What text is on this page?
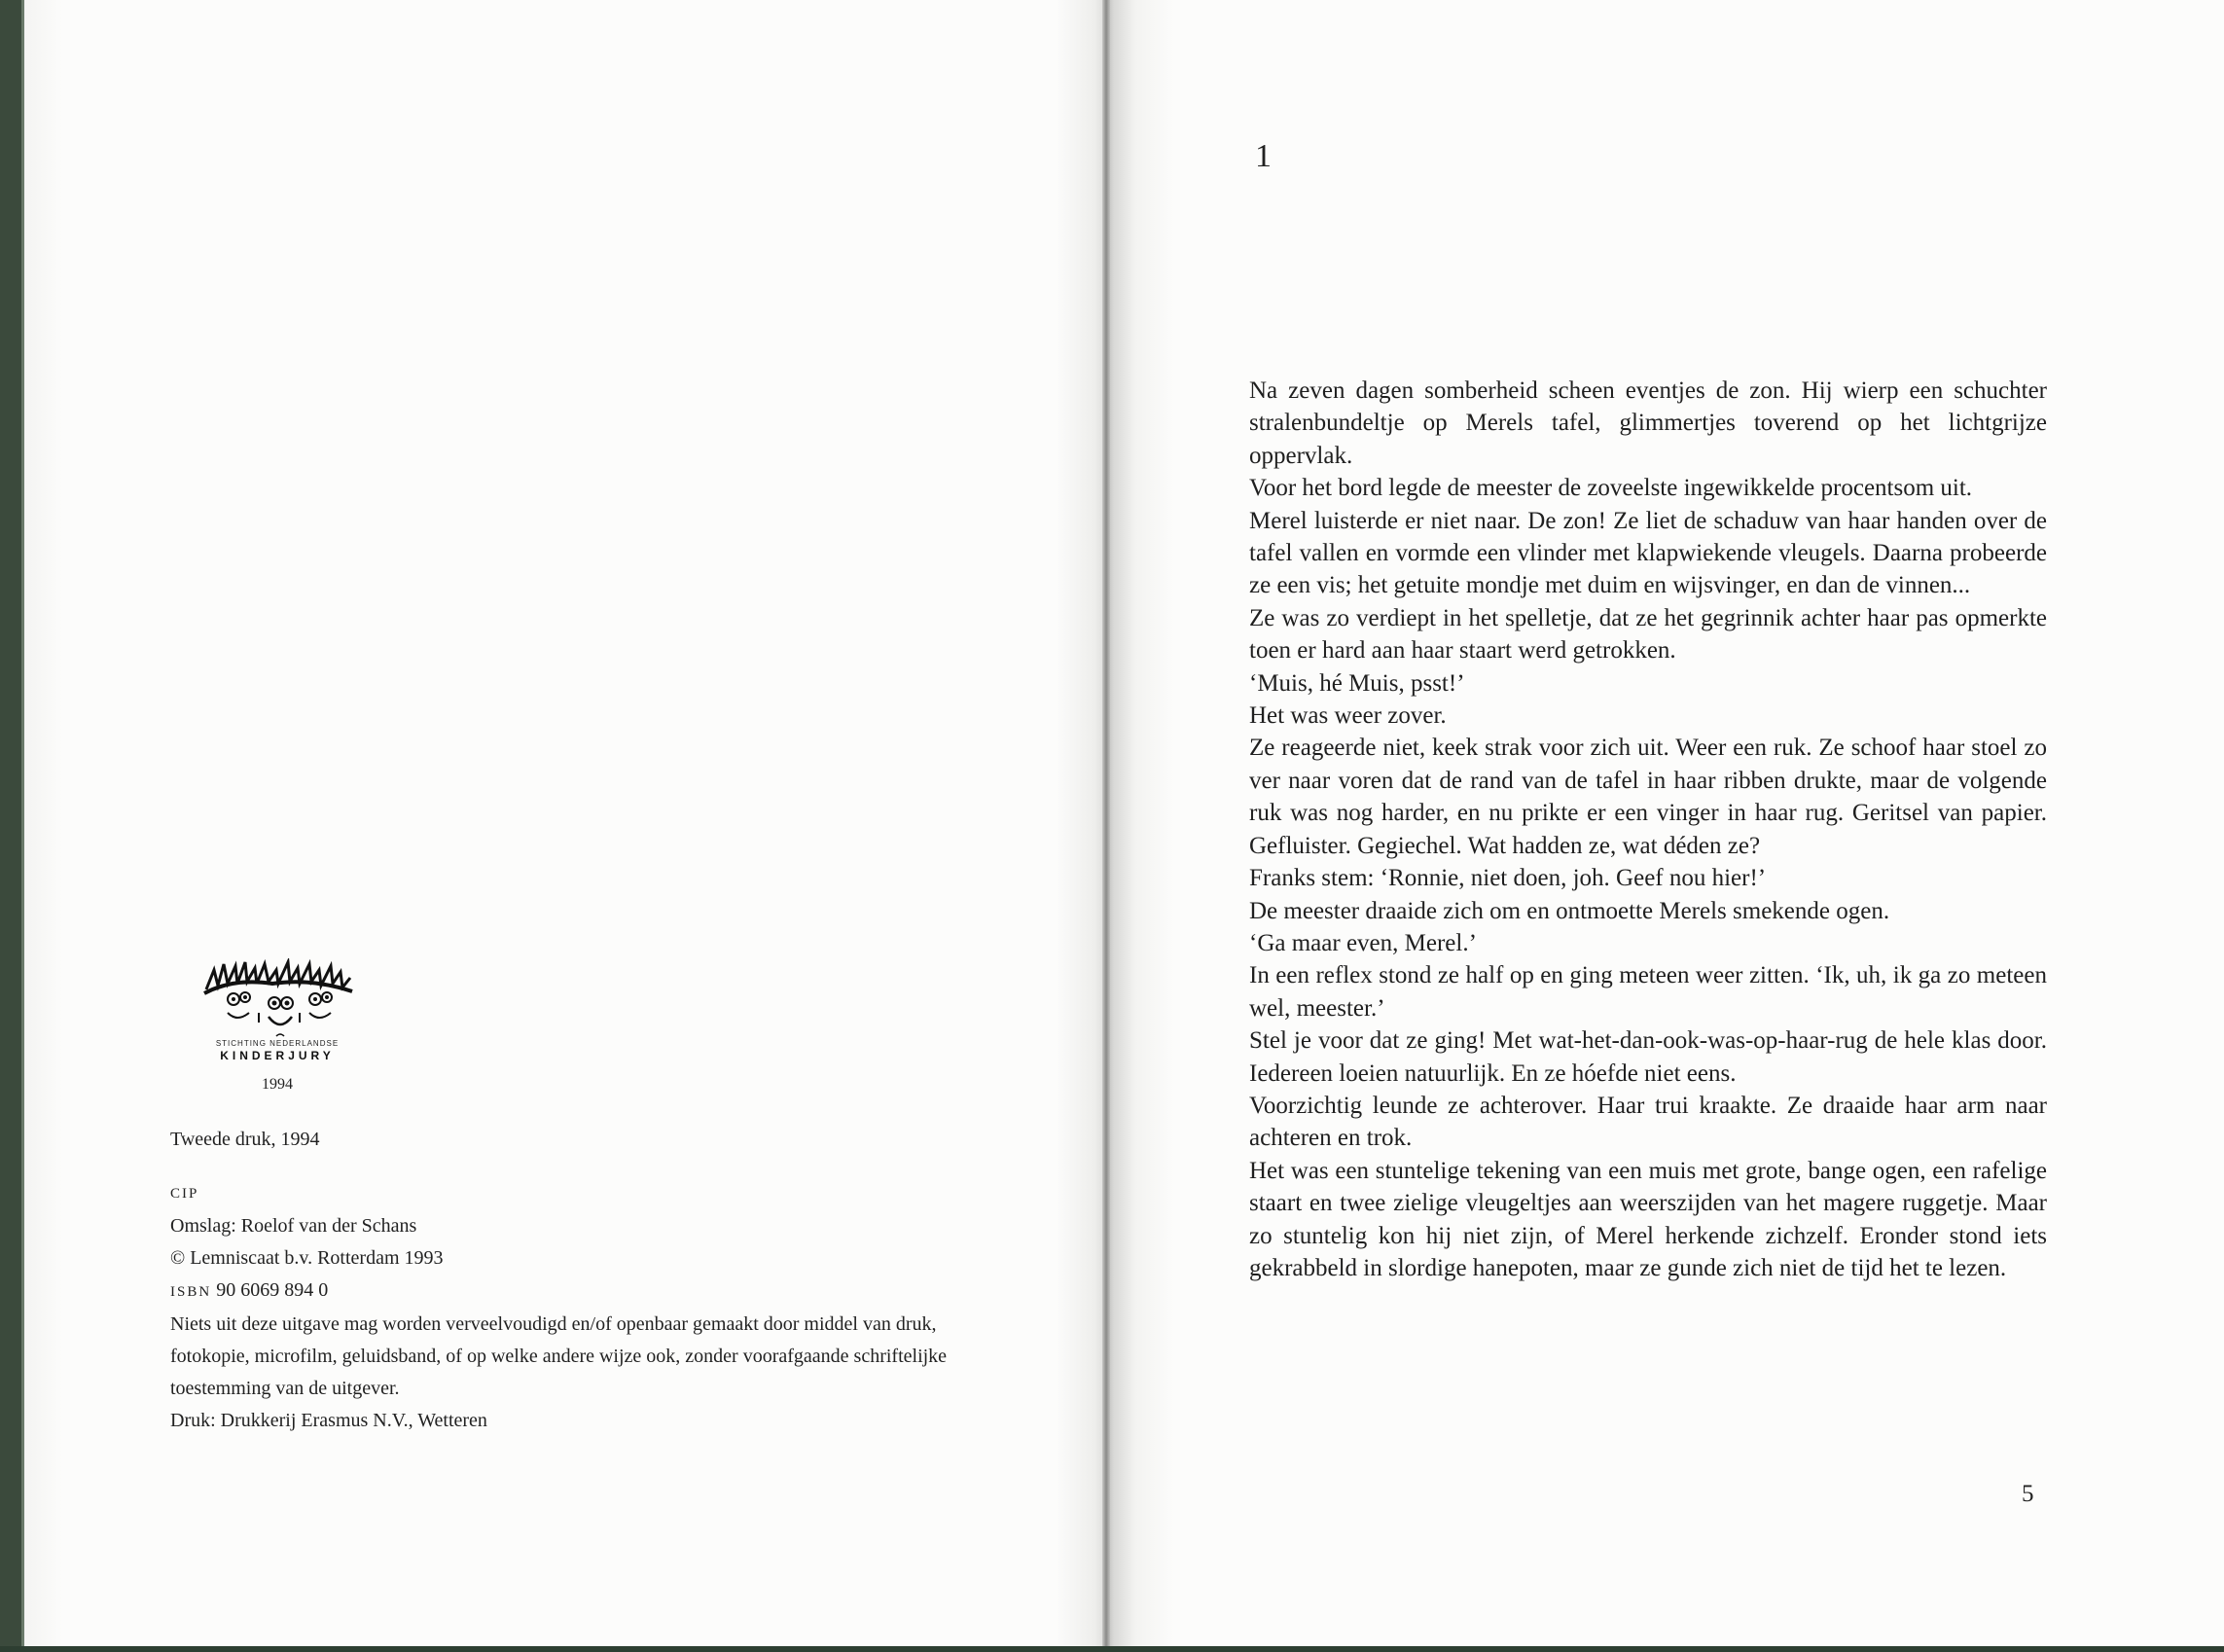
STICHTING NEDERLANDSE
KINDERJURY
1994
Tweede druk, 1994
CIP
Omslag: Roelof van der Schans
© Lemniscaat b.v. Rotterdam 1993
ISBN 90 6069 894 0
Niets uit deze uitgave mag worden verveelvoudigd en/of openbaar gemaakt door middel van druk, fotokopie, microfilm, geluidsband, of op welke andere wijze ook, zonder voorafgaande schriftelijke toestemming van de uitgever.
Druk: Drukkerij Erasmus N.V., Wetteren
1

Na zeven dagen somberheid scheen eventjes de zon. Hij wierp een schuchter stralenbundeltje op Merels tafel, glimmertjes toverend op het lichtgrijze oppervlak.

Voor het bord legde de meester de zoveelste ingewikkelde procentsom uit.

Merel luisterde er niet naar. De zon! Ze liet de schaduw van haar handen over de tafel vallen en vormde een vlinder met klapwiekende vleugels. Daarna probeerde ze een vis; het getuite mondje met duim en wijsvinger, en dan de vinnen...

Ze was zo verdiept in het spelletje, dat ze het gegrinnik achter haar pas opmerkte toen er hard aan haar staart werd getrokken.

‘Muis, hé Muis, psst!’

Het was weer zover.

Ze reageerde niet, keek strak voor zich uit. Weer een ruk. Ze schoof haar stoel zo ver naar voren dat de rand van de tafel in haar ribben drukte, maar de volgende ruk was nog harder, en nu prikte er een vinger in haar rug. Geritsel van papier. Gefluister. Gegiechel. Wat hadden ze, wat déden ze?

Franks stem: ‘Ronnie, niet doen, joh. Geef nou hier!’

De meester draaide zich om en ontmoette Merels smekende ogen.

‘Ga maar even, Merel.’

In een reflex stond ze half op en ging meteen weer zitten. ‘Ik, uh, ik ga zo meteen wel, meester.’

Stel je voor dat ze ging! Met wat-het-dan-ook-was-op-haar-rug de hele klas door. Iedereen loeien natuurlijk. En ze hóefde niet eens.

Voorzichtig leunde ze achterover. Haar trui kraakte. Ze draaide haar arm naar achteren en trok.

Het was een stuntelige tekening van een muis met grote, bange ogen, een rafelige staart en twee zielige vleugeltjes aan weerszijden van het magere ruggetje. Maar zo stuntelig kon hij niet zijn, of Merel herkende zichzelf. Eronder stond iets gekrabbeld in slordige hanepoten, maar ze gunde zich niet de tijd het te lezen.

5
